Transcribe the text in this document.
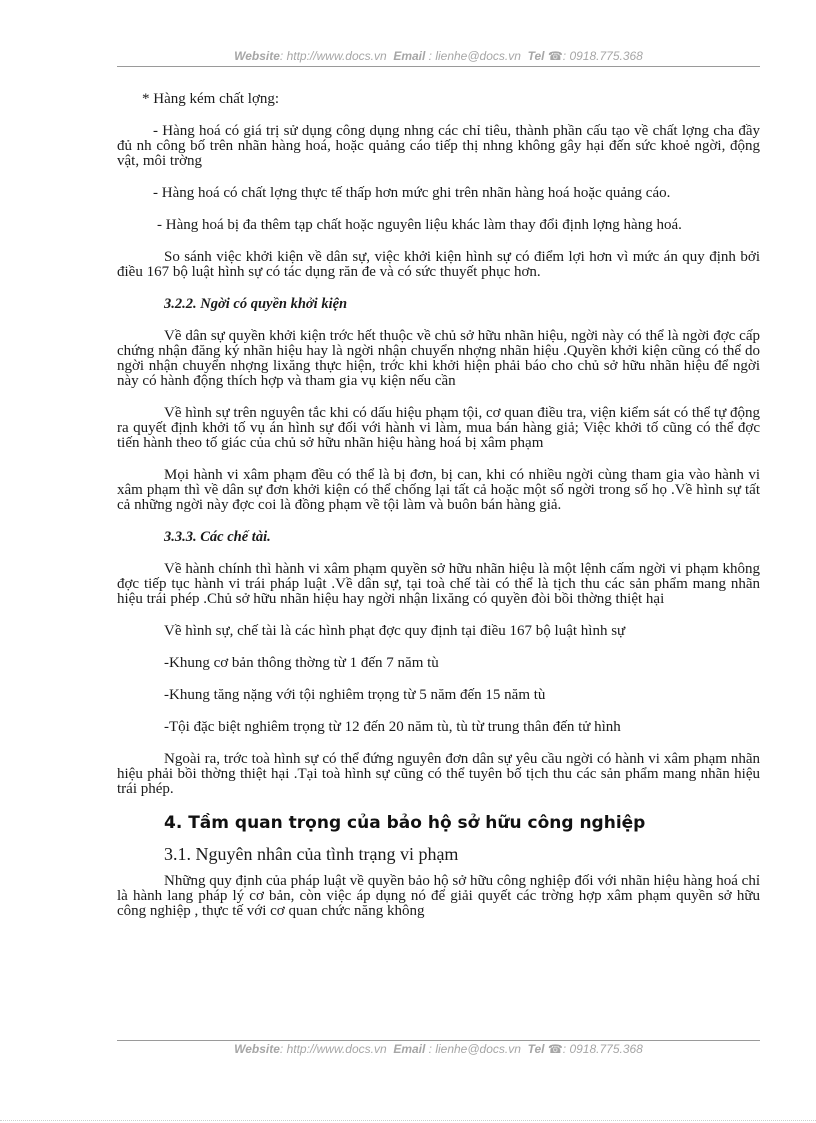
Website: http://www.docs.vn Email : lienhe@docs.vn Tel ☎: 0918.775.368

* Hàng kém chất lợng:

- Hàng hoá có giá trị sử dụng công dụng nhng các chỉ tiêu, thành phần cấu tạo về chất lợng cha đầy đủ nh công bố trên nhãn hàng hoá, hoặc quảng cáo tiếp thị nhng không gây hại đến sức khoẻ ngời, động vật, môi trờng

- Hàng hoá có chất lợng thực tế thấp hơn mức ghi trên nhãn hàng hoá hoặc quảng cáo.

- Hàng hoá bị đa thêm tạp chất hoặc nguyên liệu khác làm thay đổi định lợng hàng hoá.

So sánh việc khởi kiện về dân sự, việc khởi kiện hình sự có điểm lợi hơn vì mức án quy định bởi điều 167 bộ luật hình sự có tác dụng răn đe và có sức thuyết phục hơn.

3.2.2. Ngời có quyền khởi kiện

Về dân sự quyền khởi kiện trớc hết thuộc về chủ sở hữu nhãn hiệu, ngời này có thể là ngời đợc cấp chứng nhận đăng ký nhãn hiệu hay là ngời nhận chuyển nhợng nhãn hiệu .Quyền khởi kiện cũng có thể do ngời nhận chuyển nhợng lixăng thực hiện, trớc khi khởi hiện phải báo cho chủ sở hữu nhãn hiệu để ngời này có hành động thích hợp và tham gia vụ kiện nếu cần

Về hình sự trên nguyên tắc khi có dấu hiệu phạm tội, cơ quan điều tra, viện kiểm sát có thể tự động ra quyết định khởi tố vụ án hình sự đối với hành vi làm, mua bán hàng giả; Việc khởi tố cũng có thể đợc tiến hành theo tố giác của chủ sở hữu nhãn hiệu hàng hoá bị xâm phạm

Mọi hành vi xâm phạm đều có thể là bị đơn, bị can, khi có nhiều ngời cùng tham gia vào hành vi xâm phạm thì về dân sự đơn khởi kiện có thể chống lại tất cả hoặc một số ngời trong số họ .Về hình sự tất cả những ngời này đợc coi là đồng phạm về tội làm và buôn bán hàng giả.

3.3.3. Các chế tài.

Về hành chính thì hành vi xâm phạm quyền sở hữu nhãn hiệu là một lệnh cấm ngời vi phạm không đợc tiếp tục hành vi trái pháp luật .Về dân sự, tại toà chế tài có thể là tịch thu các sản phẩm mang nhãn hiệu trái phép .Chủ sở hữu nhãn hiệu hay ngời nhận lixăng có quyền đòi bồi thờng thiệt hại

Về hình sự, chế tài là các hình phạt đợc quy định tại điều 167 bộ luật hình sự

-Khung cơ bản thông thờng từ 1 đến 7 năm tù

-Khung tăng nặng với tội nghiêm trọng từ 5 năm đến 15 năm tù

-Tội đặc biệt nghiêm trọng từ 12 đến 20 năm tù, tù từ trung thân đến tử hình

Ngoài ra, trớc toà hình sự có thể đứng nguyên đơn dân sự yêu cầu ngời có hành vi xâm phạm nhãn hiệu phải bồi thờng thiệt hại .Tại toà hình sự cũng có thể tuyên bố tịch thu các sản phẩm mang nhãn hiệu trái phép.

4. Tầm quan trọng của bảo hộ sở hữu công nghiệp

3.1. Nguyên nhân của tình trạng vi phạm

Những quy định của pháp luật về quyền bảo hộ sở hữu công nghiệp đối với nhãn hiệu hàng hoá chỉ là hành lang pháp lý cơ bản, còn việc áp dụng nó để giải quyết các trờng hợp xâm phạm quyền sở hữu công nghiệp , thực tế với cơ quan chức năng không

Website: http://www.docs.vn Email : lienhe@docs.vn Tel ☎: 0918.775.368
